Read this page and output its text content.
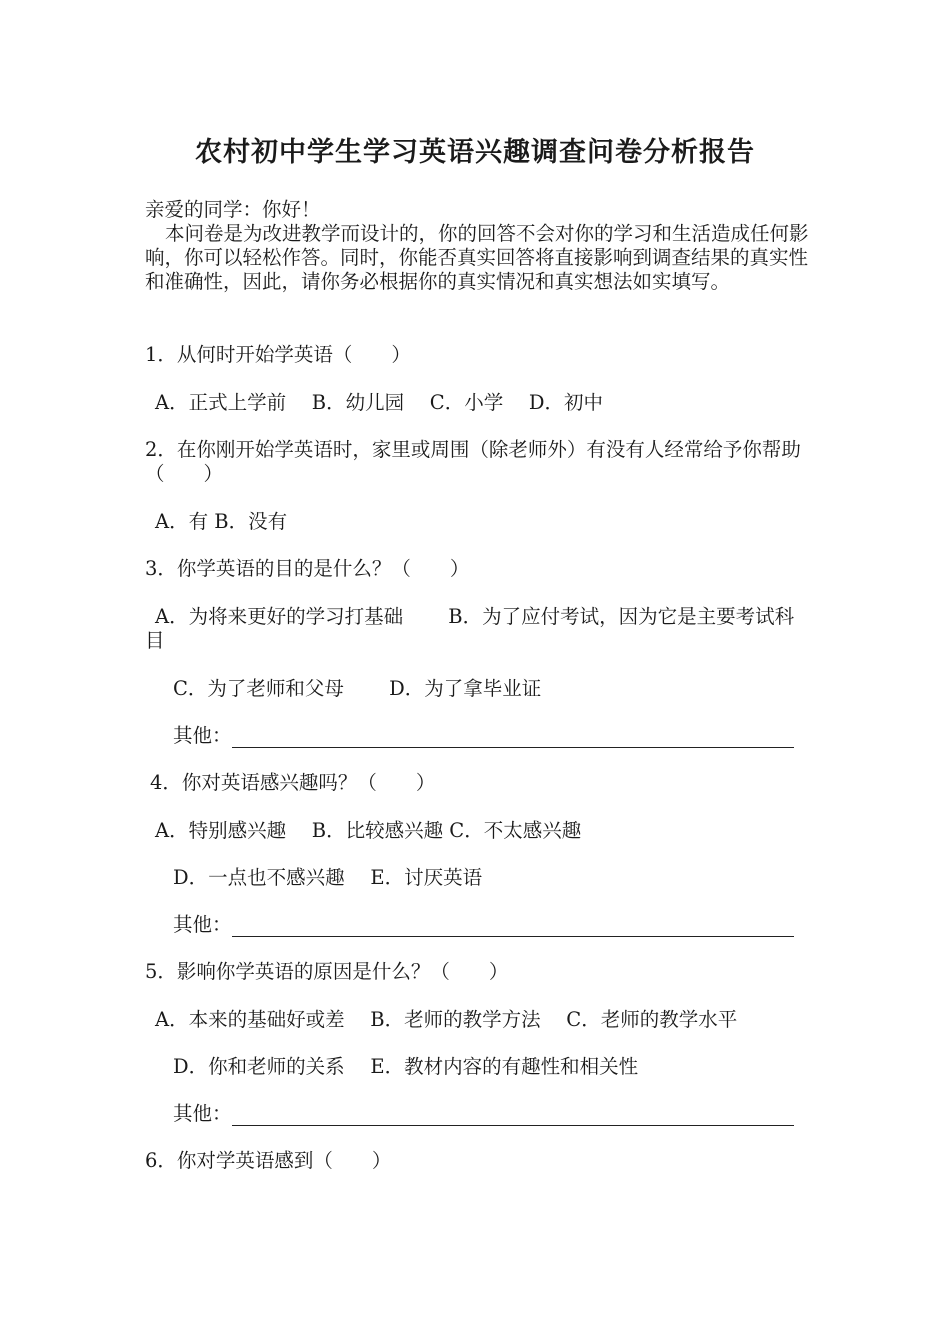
农村初中学生学习英语兴趣调查问卷分析报告
亲爱的同学：你好！
本问卷是为改进教学而设计的，你的回答不会对你的学习和生活造成任何影响，你可以轻松作答。同时，你能否真实回答将直接影响到调查结果的真实性和准确性，因此，请你务必根据你的真实情况和真实想法如实填写。
1．从何时开始学英语（　　）
A．正式上学前　 B．幼儿园　 C．小学　 D．初中
2．在你刚开始学英语时，家里或周围（除老师外）有没有人经常给予你帮助（　　）
A．有 B．没有
3．你学英语的目的是什么？（　　）
A．为将来更好的学习打基础　　 B．为了应付考试，因为它是主要考试科目
C．为了老师和父母　　 D．为了拿毕业证
其他：
4．你对英语感兴趣吗？（　　）
A．特别感兴趣　 B．比较感兴趣 C．不太感兴趣
D．一点也不感兴趣　 E．讨厌英语
其他：
5．影响你学英语的原因是什么？（　　）
A．本来的基础好或差　 B．老师的教学方法　 C．老师的教学水平
D．你和老师的关系　 E．教材内容的有趣性和相关性
其他：
6．你对学英语感到（　　）
